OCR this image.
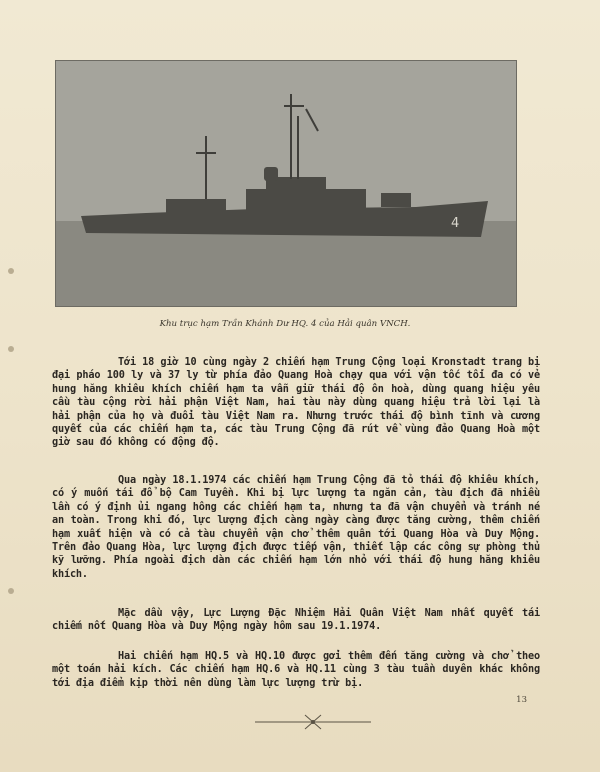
4
Khu trục hạm Trần Khánh Dư HQ. 4 của Hải quân VNCH.

Tới 18 giờ 10 cùng ngày 2 chiến hạm Trung Cộng loại Kronstadt trang bị đại pháo 100 ly và 37 ly từ phía đảo Quang Hoà chạy qua với vận tốc tối đa có vẻ hung hăng khiêu khích chiến hạm ta vẫn giữ thái độ ôn hoà, dùng quang hiệu yêu cầu tàu cộng rời hải phận Việt Nam, hai tàu này dùng quang hiệu trả lời lại là hải phận của họ và đuổi tàu Việt Nam ra. Nhưng trước thái độ bình tĩnh và cương quyết của các chiến hạm ta, các tàu Trung Cộng đã rút về vùng đảo Quang Hoà một giờ sau đó không có động độ.

Qua ngày 18.1.1974 các chiến hạm Trung Cộng đã tỏ thái độ khiêu khích, có ý muốn tái đổ bộ Cam Tuyền. Khi bị lực lượng ta ngăn cản, tàu địch đã nhiều lần có ý định ủi ngang hông các chiến hạm ta, nhưng ta đã vận chuyển và tránh né an toàn. Trong khi đó, lực lượng địch càng ngày càng được tăng cường, thêm chiến hạm xuất hiện và có cả tàu chuyển vận chở thêm quân tới Quang Hòa và Duy Mộng. Trên đảo Quang Hòa, lực lượng địch được tiếp vận, thiết lập các công sự phòng thủ kỹ lưỡng. Phía ngoài địch dàn các chiến hạm lớn nhỏ với thái độ hung hăng khiêu khích.

Mặc dầu vậy, Lực Lượng Đặc Nhiệm Hải Quân Việt Nam nhất quyết tái chiếm nốt Quang Hòa và Duy Mộng ngày hôm sau 19.1.1974.

Hai chiến hạm HQ.5 và HQ.10 được gởi thêm đến tăng cường và chở theo một toán hải kích. Các chiến hạm HQ.6 và HQ.11 cùng 3 tàu tuần duyên khác không tới địa điểm kịp thời nên dùng làm lực lượng trừ bị.

13
